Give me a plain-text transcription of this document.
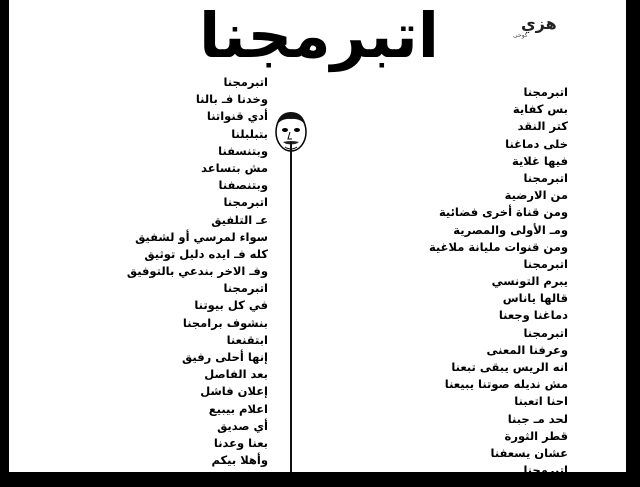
اتبرمجنا	هزي
كوحى
اتبرمجنا
بس كفاية
كتر النقد
خلى دماغنا
فيها غلاية
اتبرمجنا
من الارضية
ومن قناة أخرى فضائية
ومـ الأولى والمصرية
ومن قنوات مليانة ملاغية
اتبرمجنا
يبرم التونسي
قالها ياناس
دماغنا وجعنا
اتبرمجنا
وعرفنا المعنى
انه الريس يبقى تبعنا
مش نديله صوتنا يبيعنا
احنا اتعبنا
لحد مـ جبنا
قطر الثورة
عشان يسعفنا
اتبرمجنا
اتبرمجنا
وخدنا فـ بالنا
أدي قنواتنا
بتبلبلنا
وبتنسفنا
مش بتساعد
وبتنصفنا
اتبرمجنا
عـ التلفيق
سواء لمرسي أو لشفيق
كله فـ ايده دليل توثيق
وفـ الاخر بندعي بالتوفيق
اتبرمجنا
في كل بيوتنا
بنشوف برامجنا
ابتقنعنا
إنها أحلى رفيق
بعد الفاصل
إعلان فاشل
اعلام بيبيع
أي صديق
بعنا وعدنا
وأهلا بيكم
في اتبرمجنا
